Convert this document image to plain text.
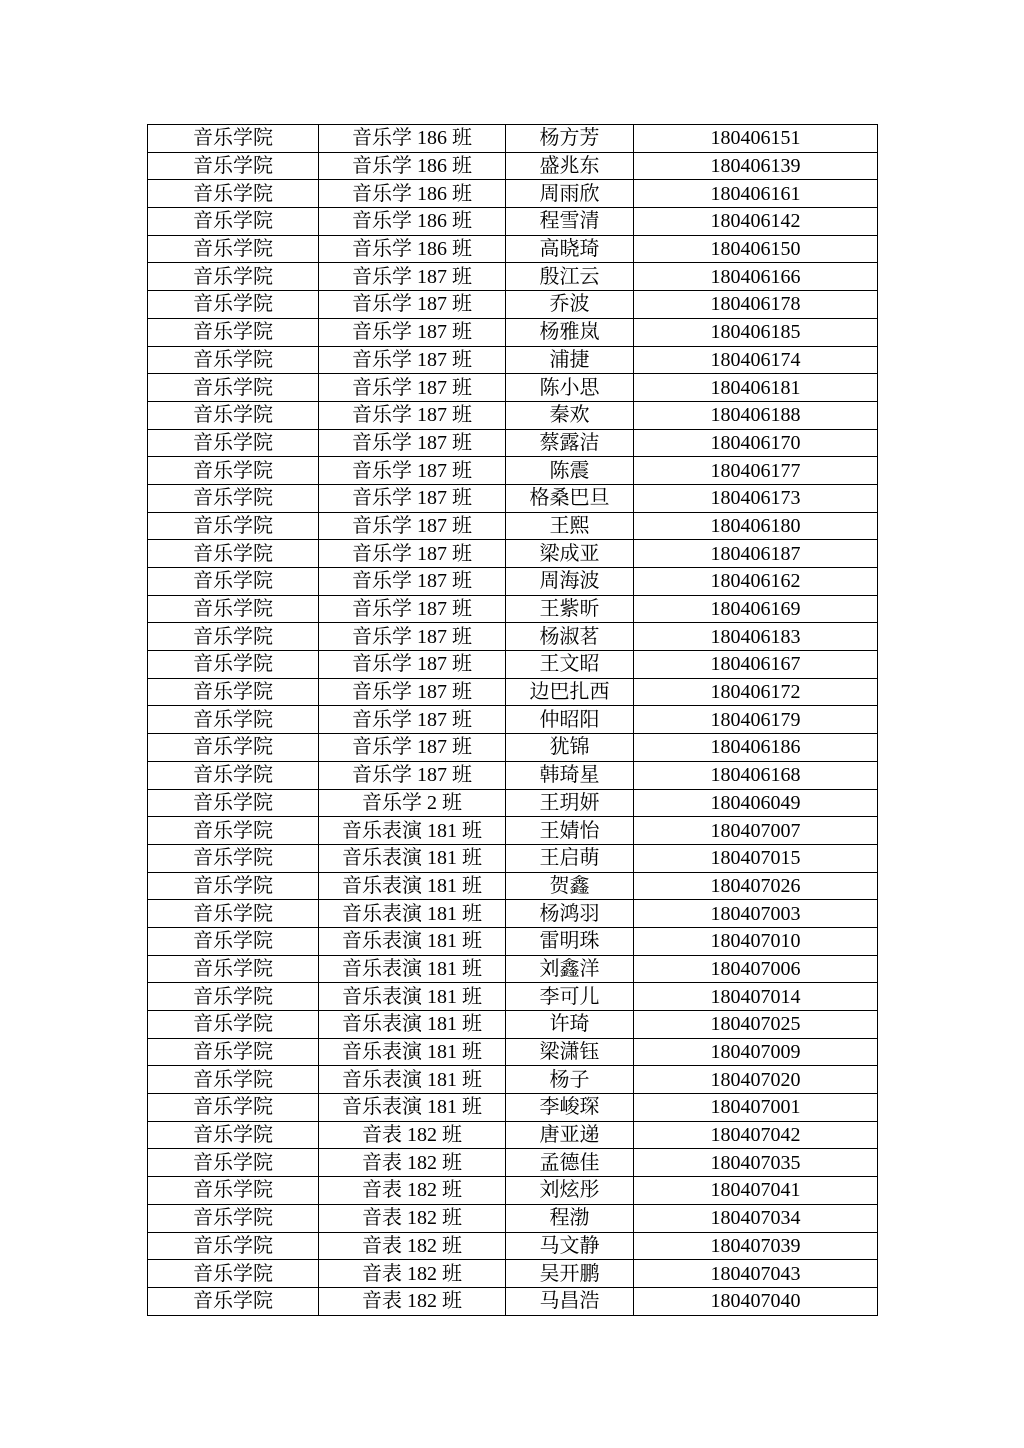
音乐学院	音乐学 186 班	杨方芳	180406151
音乐学院	音乐学 186 班	盛兆东	180406139
音乐学院	音乐学 186 班	周雨欣	180406161
音乐学院	音乐学 186 班	程雪清	180406142
音乐学院	音乐学 186 班	高晓琦	180406150
音乐学院	音乐学 187 班	殷江云	180406166
音乐学院	音乐学 187 班	乔波	180406178
音乐学院	音乐学 187 班	杨雅岚	180406185
音乐学院	音乐学 187 班	浦捷	180406174
音乐学院	音乐学 187 班	陈小思	180406181
音乐学院	音乐学 187 班	秦欢	180406188
音乐学院	音乐学 187 班	蔡露洁	180406170
音乐学院	音乐学 187 班	陈震	180406177
音乐学院	音乐学 187 班	格桑巴旦	180406173
音乐学院	音乐学 187 班	王熙	180406180
音乐学院	音乐学 187 班	梁成亚	180406187
音乐学院	音乐学 187 班	周海波	180406162
音乐学院	音乐学 187 班	王紫昕	180406169
音乐学院	音乐学 187 班	杨淑茗	180406183
音乐学院	音乐学 187 班	王文昭	180406167
音乐学院	音乐学 187 班	边巴扎西	180406172
音乐学院	音乐学 187 班	仲昭阳	180406179
音乐学院	音乐学 187 班	犹锦	180406186
音乐学院	音乐学 187 班	韩琦星	180406168
音乐学院	音乐学 2 班	王玥妍	180406049
音乐学院	音乐表演 181 班	王婧怡	180407007
音乐学院	音乐表演 181 班	王启萌	180407015
音乐学院	音乐表演 181 班	贺鑫	180407026
音乐学院	音乐表演 181 班	杨鸿羽	180407003
音乐学院	音乐表演 181 班	雷明珠	180407010
音乐学院	音乐表演 181 班	刘鑫洋	180407006
音乐学院	音乐表演 181 班	李可儿	180407014
音乐学院	音乐表演 181 班	许琦	180407025
音乐学院	音乐表演 181 班	梁潇钰	180407009
音乐学院	音乐表演 181 班	杨子	180407020
音乐学院	音乐表演 181 班	李峻琛	180407001
音乐学院	音表 182 班	唐亚递	180407042
音乐学院	音表 182 班	孟德佳	180407035
音乐学院	音表 182 班	刘炫彤	180407041
音乐学院	音表 182 班	程渤	180407034
音乐学院	音表 182 班	马文静	180407039
音乐学院	音表 182 班	吴开鹏	180407043
音乐学院	音表 182 班	马昌浩	180407040
